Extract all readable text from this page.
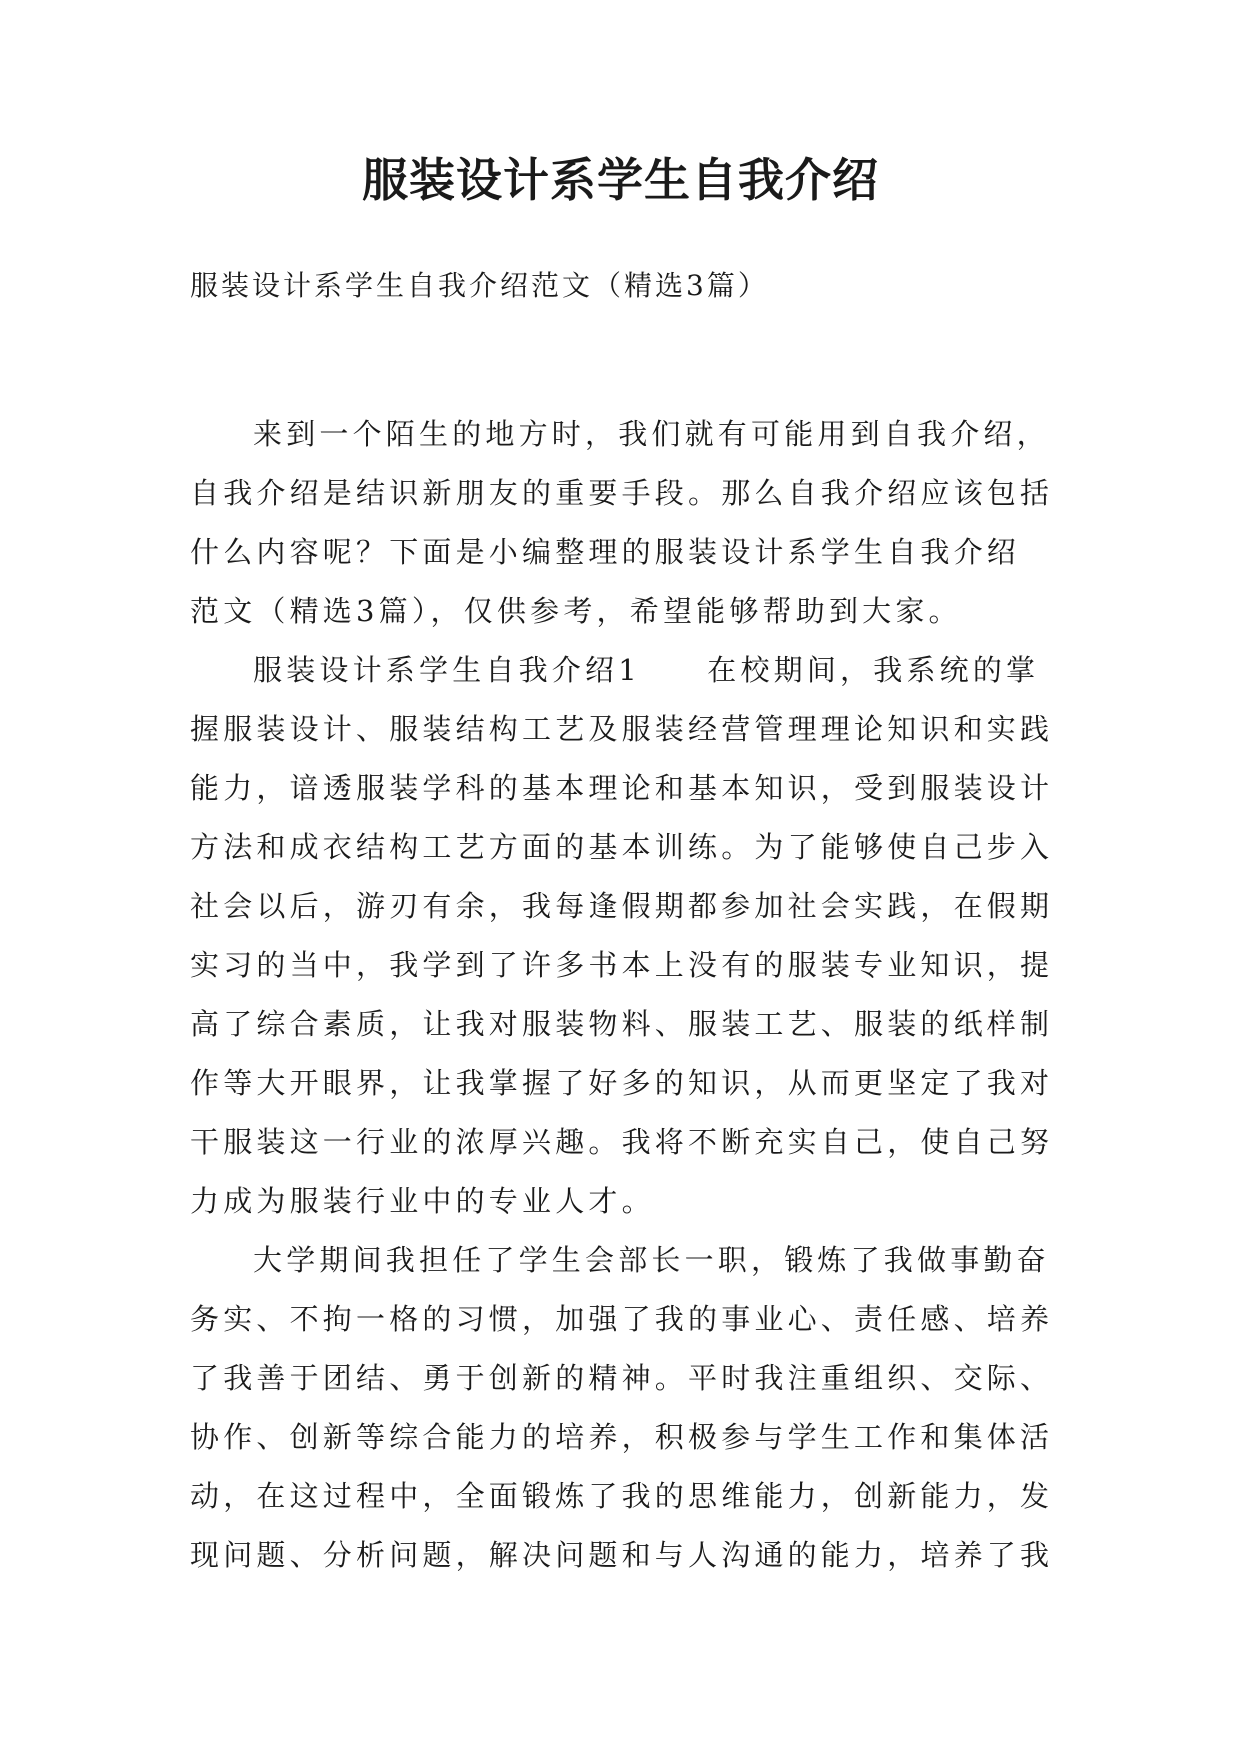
服装设计系学生自我介绍
服装设计系学生自我介绍范文（精选3篇）
来到一个陌生的地方时，我们就有可能用到自我介绍，
自我介绍是结识新朋友的重要手段。那么自我介绍应该包括
什么内容呢？下面是小编整理的服装设计系学生自我介绍
范文（精选3篇），仅供参考，希望能够帮助到大家。
服装设计系学生自我介绍1　　在校期间，我系统的掌
握服装设计、服装结构工艺及服装经营管理理论知识和实践
能力，谙透服装学科的基本理论和基本知识，受到服装设计
方法和成衣结构工艺方面的基本训练。为了能够使自己步入
社会以后，游刃有余，我每逢假期都参加社会实践，在假期
实习的当中，我学到了许多书本上没有的服装专业知识，提
高了综合素质，让我对服装物料、服装工艺、服装的纸样制
作等大开眼界，让我掌握了好多的知识，从而更坚定了我对
干服装这一行业的浓厚兴趣。我将不断充实自己，使自己努
力成为服装行业中的专业人才。
大学期间我担任了学生会部长一职，锻炼了我做事勤奋
务实、不拘一格的习惯，加强了我的事业心、责任感、培养
了我善于团结、勇于创新的精神。平时我注重组织、交际、
协作、创新等综合能力的培养，积极参与学生工作和集体活
动，在这过程中，全面锻炼了我的思维能力，创新能力，发
现问题、分析问题，解决问题和与人沟通的能力，培养了我
